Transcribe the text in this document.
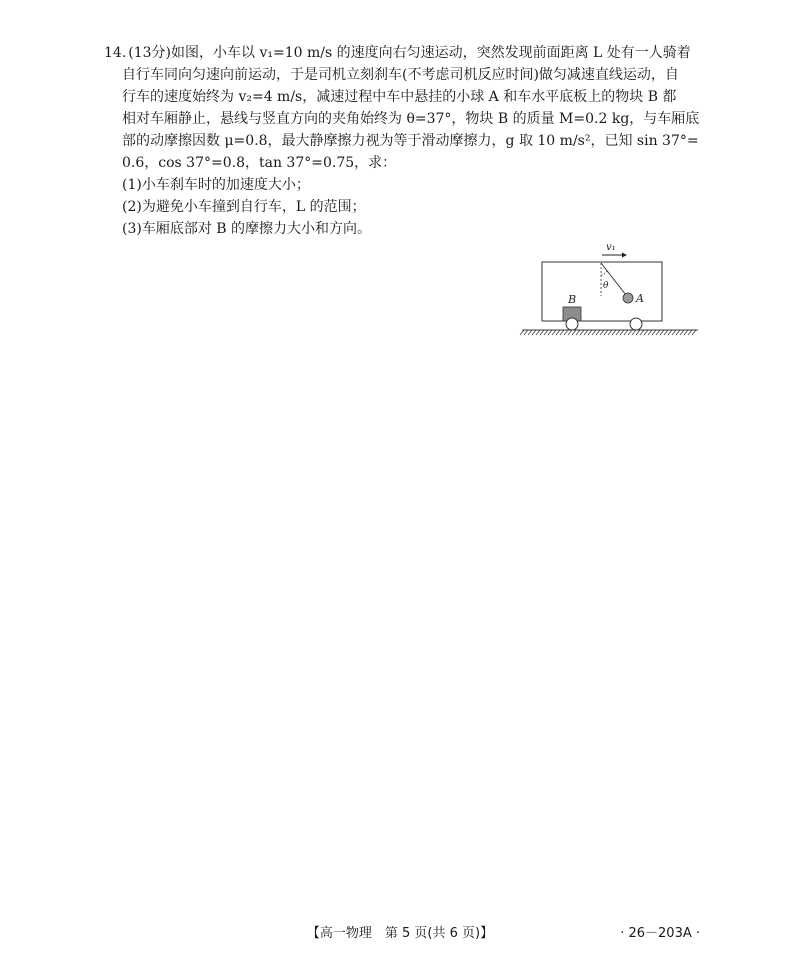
14. (13分)如图，小车以 v₁=10 m/s 的速度向右匀速运动，突然发现前面距离 L 处有一人骑着

自行车同向匀速向前运动，于是司机立刻刹车(不考虑司机反应时间)做匀减速直线运动，自

行车的速度始终为 v₂=4 m/s，减速过程中车中悬挂的小球 A 和车水平底板上的物块 B 都

相对车厢静止，悬线与竖直方向的夹角始终为 θ=37°，物块 B 的质量 M=0.2 kg，与车厢底

部的动摩擦因数 μ=0.8，最大静摩擦力视为等于滑动摩擦力，g 取 10 m/s²，已知 sin 37°=

0.6，cos 37°=0.8，tan 37°=0.75，求：

(1)小车刹车时的加速度大小；

(2)为避免小车撞到自行车，L 的范围；

(3)车厢底部对 B 的摩擦力大小和方向。

v₁
θ
A
B
【高一物理　第 5 页(共 6 页)】	· 26－203A ·
